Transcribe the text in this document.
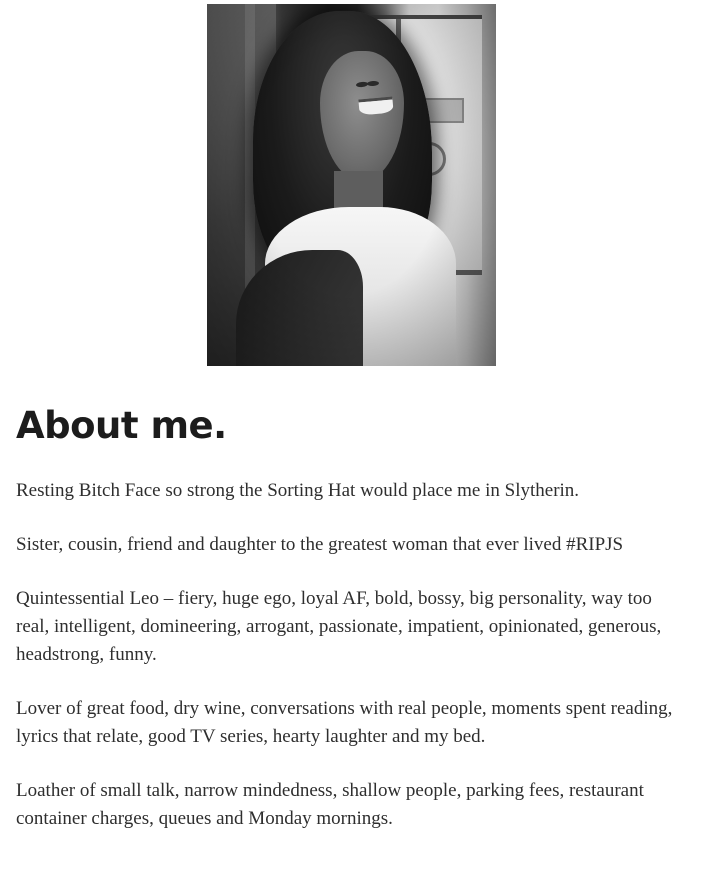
About me.

Resting Bitch Face so strong the Sorting Hat would place me in Slytherin.

Sister, cousin, friend and daughter to the greatest woman that ever lived #RIPJS

Quintessential Leo – fiery, huge ego, loyal AF, bold, bossy, big personality, way too real, intelligent, domineering, arrogant, passionate, impatient, opinionated, generous, headstrong, funny.

Lover of great food, dry wine, conversations with real people, moments spent reading, lyrics that relate, good TV series, hearty laughter and my bed.

Loather of small talk, narrow mindedness, shallow people, parking fees, restaurant container charges, queues and Monday mornings.
